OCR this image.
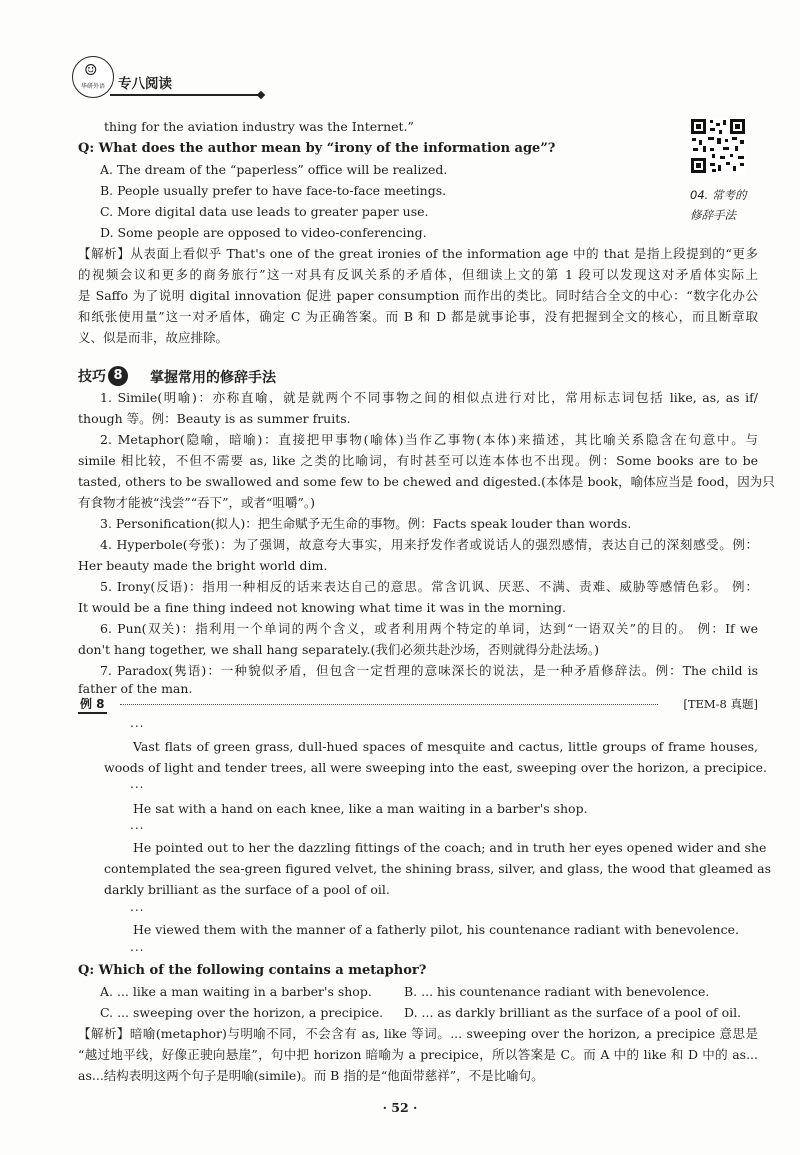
☺
华研外语 专八阅读
thing for the aviation industry was the Internet.”
Q: What does the author mean by “irony of the information age”?
A. The dream of the “paperless” office will be realized.
B. People usually prefer to have face-to-face meetings.
C. More digital data use leads to greater paper use.
D. Some people are opposed to video-conferencing.
04. 常考的
修辞手法
【解析】从表面上看似乎 That's one of the great ironies of the information age 中的 that 是指上段提到的“更多
的视频会议和更多的商务旅行”这一对具有反讽关系的矛盾体，但细读上文的第 1 段可以发现这对矛盾体实际上
是 Saffo 为了说明 digital innovation 促进 paper consumption 而作出的类比。同时结合全文的中心：“数字化办公
和纸张使用量”这一对矛盾体，确定 C 为正确答案。而 B 和 D 都是就事论事，没有把握到全文的核心，而且断章取
义、似是而非，故应排除。
技巧 8	掌握常用的修辞手法
1. Simile(明喻)：亦称直喻，就是就两个不同事物之间的相似点进行对比，常用标志词包括 like, as, as if/
though 等。例：Beauty is as summer fruits.
2. Metaphor(隐喻，暗喻)：直接把甲事物(喻体)当作乙事物(本体)来描述，其比喻关系隐含在句意中。与
simile 相比较，不但不需要 as, like 之类的比喻词，有时甚至可以连本体也不出现。例：Some books are to be
tasted, others to be swallowed and some few to be chewed and digested.(本体是 book，喻体应当是 food，因为只
有食物才能被“浅尝”“吞下”，或者“咀嚼”。)
3. Personification(拟人)：把生命赋予无生命的事物。例：Facts speak louder than words.
4. Hyperbole(夸张)：为了强调，故意夸大事实，用来抒发作者或说话人的强烈感情，表达自己的深刻感受。例：
Her beauty made the bright world dim.
5. Irony(反语)：指用一种相反的话来表达自己的意思。常含讥讽、厌恶、不满、责难、威胁等感情色彩。 例：
It would be a fine thing indeed not knowing what time it was in the morning.
6. Pun(双关)：指利用一个单词的两个含义，或者利用两个特定的单词，达到“一语双关”的目的。 例：If we
don't hang together, we shall hang separately.(我们必须共赴沙场，否则就得分赴法场。)
7. Paradox(隽语)：一种貌似矛盾，但包含一定哲理的意味深长的说法，是一种矛盾修辞法。例：The child is
father of the man.
例 8	[TEM-8 真题]
...
Vast flats of green grass, dull-hued spaces of mesquite and cactus, little groups of frame houses,
woods of light and tender trees, all were sweeping into the east, sweeping over the horizon, a precipice.
...
He sat with a hand on each knee, like a man waiting in a barber's shop.
...
He pointed out to her the dazzling fittings of the coach; and in truth her eyes opened wider and she
contemplated the sea-green figured velvet, the shining brass, silver, and glass, the wood that gleamed as
darkly brilliant as the surface of a pool of oil.
...
He viewed them with the manner of a fatherly pilot, his countenance radiant with benevolence.
...
Q: Which of the following contains a metaphor?
A. ... like a man waiting in a barber's shop.	B. ... his countenance radiant with benevolence.
C. ... sweeping over the horizon, a precipice. D. ... as darkly brilliant as the surface of a pool of oil.
【解析】暗喻(metaphor)与明喻不同，不会含有 as, like 等词。... sweeping over the horizon, a precipice 意思是
“越过地平线，好像正驶向悬崖”，句中把 horizon 暗喻为 a precipice，所以答案是 C。而 A 中的 like 和 D 中的 as...
as...结构表明这两个句子是明喻(simile)。而 B 指的是“他面带慈祥”，不是比喻句。
· 52 ·
